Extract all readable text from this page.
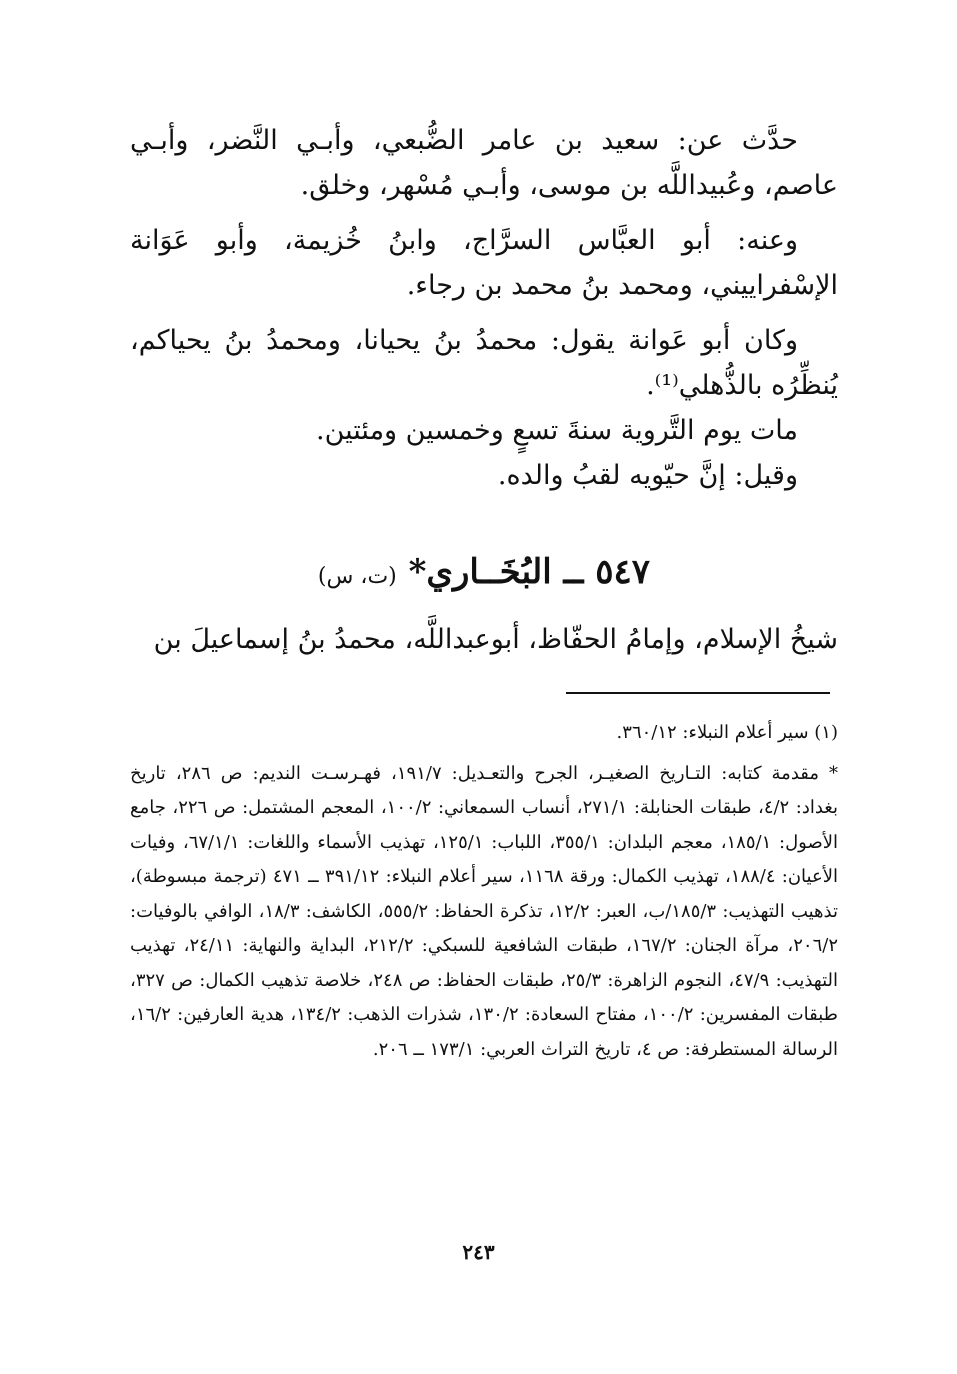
حدَّث عن: سعيد بن عامر الضُّبعي، وأبـي النَّضر، وأبـي عاصم، وعُبيداللَّه بن موسى، وأبـي مُسْهر، وخلق.

وعنه: أبو العبَّاس السرَّاج، وابنُ خُزيمة، وأبو عَوَانة الإسْفراييني، ومحمد بنُ محمد بن رجاء.

وكان أبو عَوانة يقول: محمدُ بنُ يحيانا، ومحمدُ بنُ يحياكم، يُنظِّرُه بالذُّهلي⁽¹⁾.

مات يوم التَّروية سنةَ تسعٍ وخمسين ومئتين.

وقيل: إنَّ حيّويه لقبُ والده.

٥٤٧ ــ البُخَــاري* (ت، س)

شيخُ الإسلام، وإمامُ الحفّاظ، أبوعبداللَّه، محمدُ بنُ إسماعيلَ بن

(١) سير أعلام النبلاء: ٣٦٠/١٢.

*مقدمة كتابه: التـاريخ الصغيـر، الجرح والتعـديل: ١٩١/٧، فهـرسـت النديم: ص ٢٨٦، تاريخ بغداد: ٤/٢، طبقات الحنابلة: ٢٧١/١، أنساب السمعاني: ١٠٠/٢، المعجم المشتمل: ص ٢٢٦، جامع الأصول: ١٨٥/١، معجم البلدان: ٣٥٥/١، اللباب: ١٢٥/١، تهذيب الأسماء واللغات: ٦٧/١/١، وفيات الأعيان: ١٨٨/٤، تهذيب الكمال: ورقة ١١٦٨، سير أعلام النبلاء: ٣٩١/١٢ ــ ٤٧١ (ترجمة مبسوطة)، تذهيب التهذيب: ١٨٥/٣/ب، العبر: ١٢/٢، تذكرة الحفاظ: ٥٥٥/٢، الكاشف: ١٨/٣، الوافي بالوفيات: ٢٠٦/٢، مرآة الجنان: ١٦٧/٢، طبقات الشافعية للسبكي: ٢١٢/٢، البداية والنهاية: ٢٤/١١، تهذيب التهذيب: ٤٧/٩، النجوم الزاهرة: ٢٥/٣، طبقات الحفاظ: ص ٢٤٨، خلاصة تذهيب الكمال: ص ٣٢٧، طبقات المفسرين: ١٠٠/٢، مفتاح السعادة: ١٣٠/٢، شذرات الذهب: ١٣٤/٢، هدية العارفين: ١٦/٢، الرسالة المستطرفة: ص ٤، تاريخ التراث العربي: ١٧٣/١ ــ ٢٠٦.

٢٤٣
